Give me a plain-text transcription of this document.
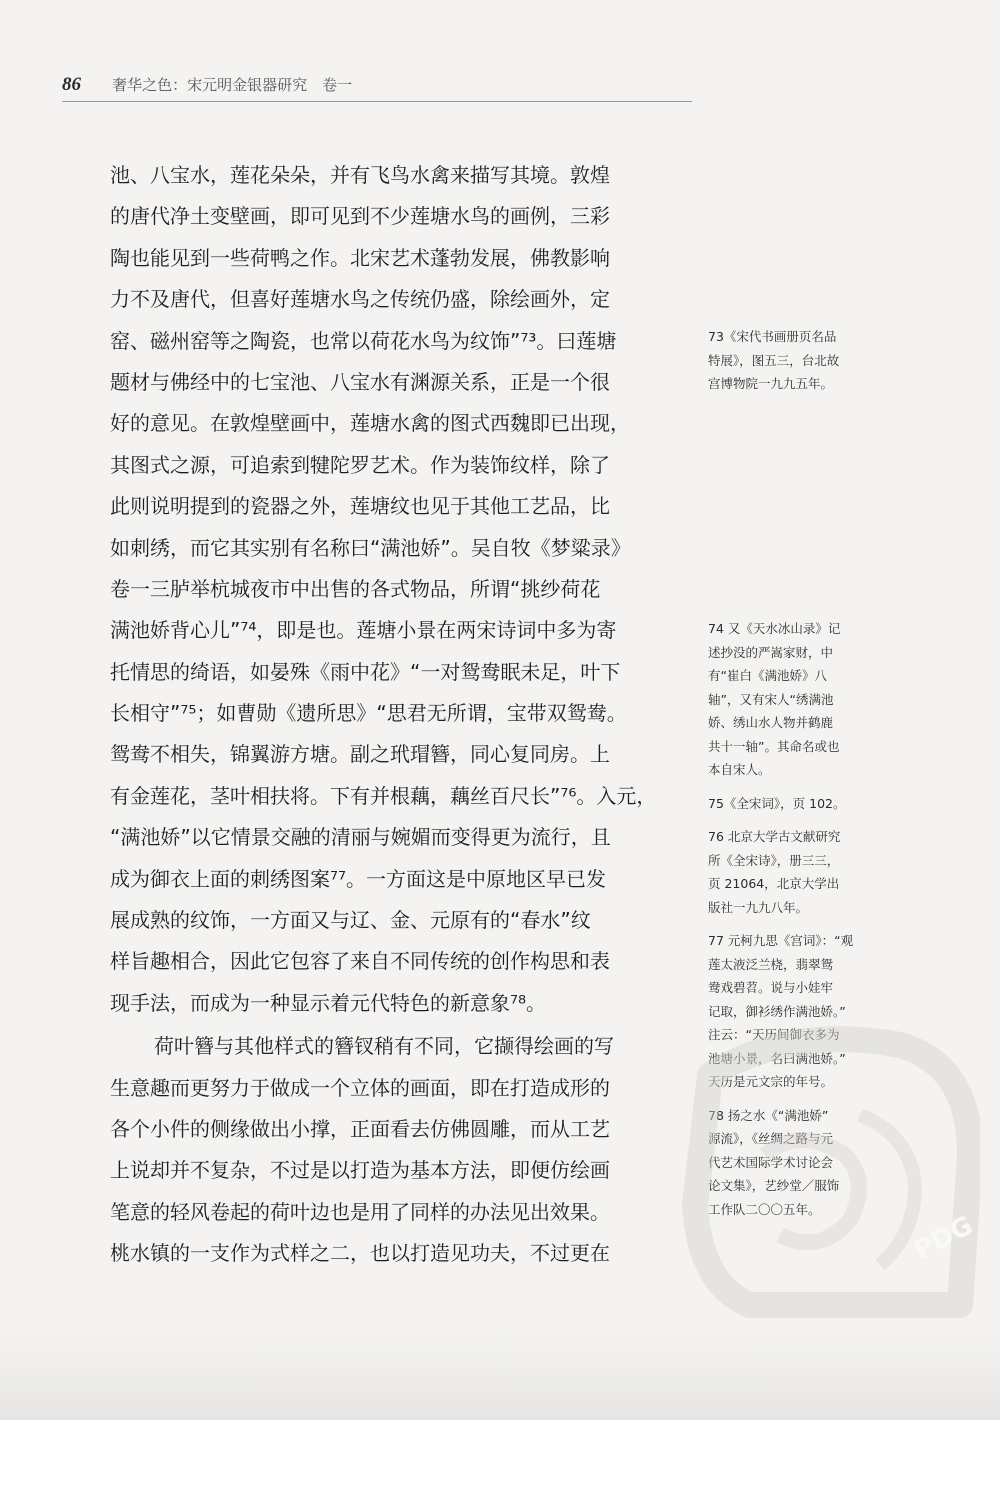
86 奢华之色：宋元明金银器研究　卷一
池、八宝水，莲花朵朵，并有飞鸟水禽来描写其境。敦煌
的唐代净土变壁画，即可见到不少莲塘水鸟的画例，三彩
陶也能见到一些荷鸭之作。北宋艺术蓬勃发展，佛教影响
力不及唐代，但喜好莲塘水鸟之传统仍盛，除绘画外，定
窑、磁州窑等之陶瓷，也常以荷花水鸟为纹饰”⁷³。曰莲塘
题材与佛经中的七宝池、八宝水有渊源关系，正是一个很
好的意见。在敦煌壁画中，莲塘水禽的图式西魏即已出现，
其图式之源，可追索到犍陀罗艺术。作为装饰纹样，除了
此则说明提到的瓷器之外，莲塘纹也见于其他工艺品，比
如刺绣，而它其实别有名称曰“满池娇”。吴自牧《梦粱录》
卷一三胪举杭城夜市中出售的各式物品，所谓“挑纱荷花
满池娇背心儿”⁷⁴，即是也。莲塘小景在两宋诗词中多为寄
托情思的绮语，如晏殊《雨中花》“一对鸳鸯眠未足，叶下
长相守”⁷⁵；如曹勋《遗所思》“思君无所谓，宝带双鸳鸯。
鸳鸯不相失，锦翼游方塘。副之玳瑁簪，同心复同房。上
有金莲花，茎叶相扶将。下有并根藕，藕丝百尺长”⁷⁶。入元，
“满池娇”以它情景交融的清丽与婉媚而变得更为流行，且
成为御衣上面的刺绣图案⁷⁷。一方面这是中原地区早已发
展成熟的纹饰，一方面又与辽、金、元原有的“春水”纹
样旨趣相合，因此它包容了来自不同传统的创作构思和表
现手法，而成为一种显示着元代特色的新意象⁷⁸。
荷叶簪与其他样式的簪钗稍有不同，它撷得绘画的写
生意趣而更努力于做成一个立体的画面，即在打造成形的
各个小件的侧缘做出小撑，正面看去仿佛圆雕，而从工艺
上说却并不复杂，不过是以打造为基本方法，即便仿绘画
笔意的轻风卷起的荷叶边也是用了同样的办法见出效果。
桃水镇的一支作为式样之二，也以打造见功夫，不过更在
73《宋代书画册页名品
特展》，图五三，台北故
宫博物院一九九五年。
74 又《天水冰山录》记
述抄没的严嵩家财，中
有“崔白《满池娇》八
轴”，又有宋人“绣满池
娇、绣山水人物并鹤鹿
共十一轴”。其命名或也
本自宋人。
75《全宋词》，页 102。
76 北京大学古文献研究
所《全宋诗》，册三三，
页 21064，北京大学出
版社一九九八年。
77 元柯九思《宫词》：“观
莲太液泛兰桡，翡翠鸳
鸯戏碧苕。说与小娃牢
记取，御衫绣作满池娇。”
注云：“天历间御衣多为
池塘小景，名曰满池娇。”
天历是元文宗的年号。
78 扬之水《“满池娇”
源流》，《丝绸之路与元
代艺术国际学术讨论会
论文集》，艺纱堂／服饰
工作队二〇〇五年。
PDG
